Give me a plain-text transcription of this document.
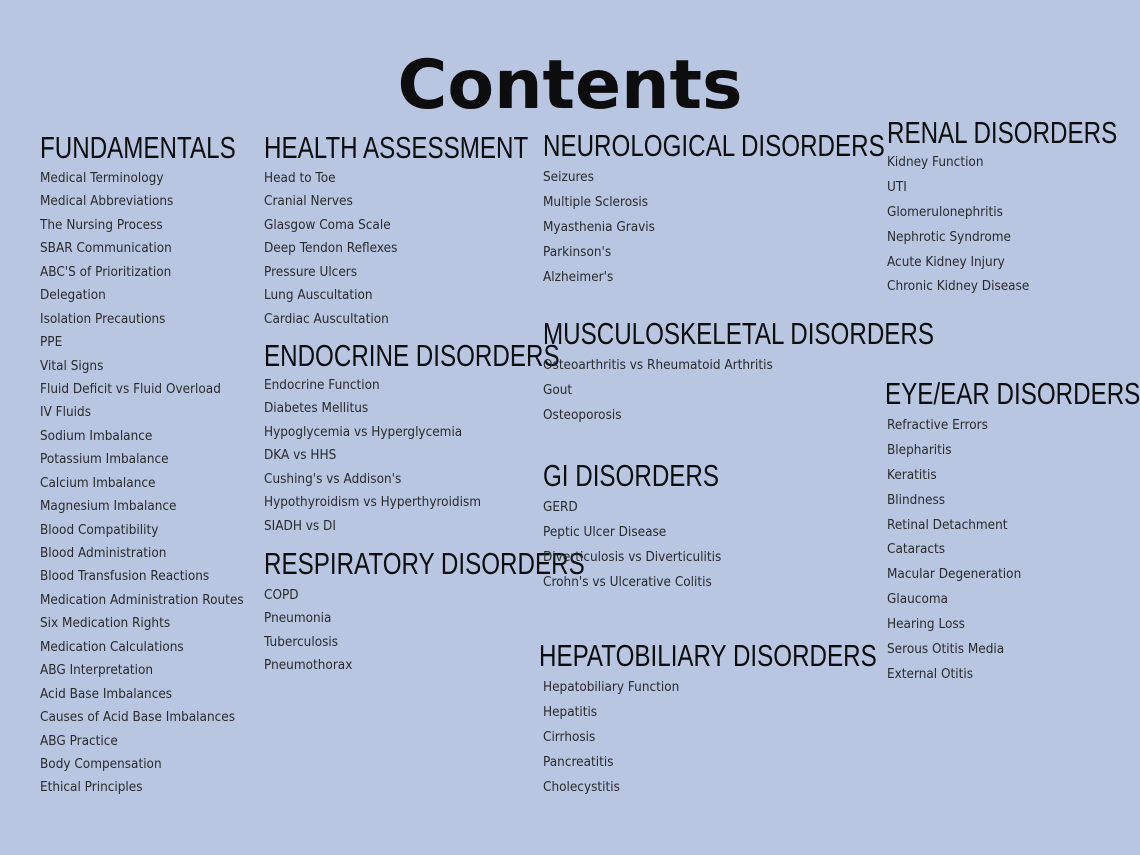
Contents
FUNDAMENTALS
Medical Terminology
Medical Abbreviations
The Nursing Process
SBAR Communication
ABC'S of Prioritization
Delegation
Isolation Precautions
PPE
Vital Signs
Fluid Deficit vs Fluid Overload
IV Fluids
Sodium Imbalance
Potassium Imbalance
Calcium Imbalance
Magnesium Imbalance
Blood Compatibility
Blood Administration
Blood Transfusion Reactions
Medication Administration Routes
Six Medication Rights
Medication Calculations
ABG Interpretation
Acid Base Imbalances
Causes of Acid Base Imbalances
ABG Practice
Body Compensation
Ethical Principles
HEALTH ASSESSMENT
Head to Toe
Cranial Nerves
Glasgow Coma Scale
Deep Tendon Reflexes
Pressure Ulcers
Lung Auscultation
Cardiac Auscultation
ENDOCRINE DISORDERS
Endocrine Function
Diabetes Mellitus
Hypoglycemia vs Hyperglycemia
DKA vs HHS
Cushing's vs Addison's
Hypothyroidism vs Hyperthyroidism
SIADH vs DI
RESPIRATORY DISORDERS
COPD
Pneumonia
Tuberculosis
Pneumothorax
NEUROLOGICAL DISORDERS
Seizures
Multiple Sclerosis
Myasthenia Gravis
Parkinson's
Alzheimer's
MUSCULOSKELETAL DISORDERS
Osteoarthritis vs Rheumatoid Arthritis
Gout
Osteoporosis
GI DISORDERS
GERD
Peptic Ulcer Disease
Diverticulosis vs Diverticulitis
Crohn's vs Ulcerative Colitis
HEPATOBILIARY DISORDERS
Hepatobiliary Function
Hepatitis
Cirrhosis
Pancreatitis
Cholecystitis
RENAL DISORDERS
Kidney Function
UTI
Glomerulonephritis
Nephrotic Syndrome
Acute Kidney Injury
Chronic Kidney Disease
EYE/EAR DISORDERS
Refractive Errors
Blepharitis
Keratitis
Blindness
Retinal Detachment
Cataracts
Macular Degeneration
Glaucoma
Hearing Loss
Serous Otitis Media
External Otitis
